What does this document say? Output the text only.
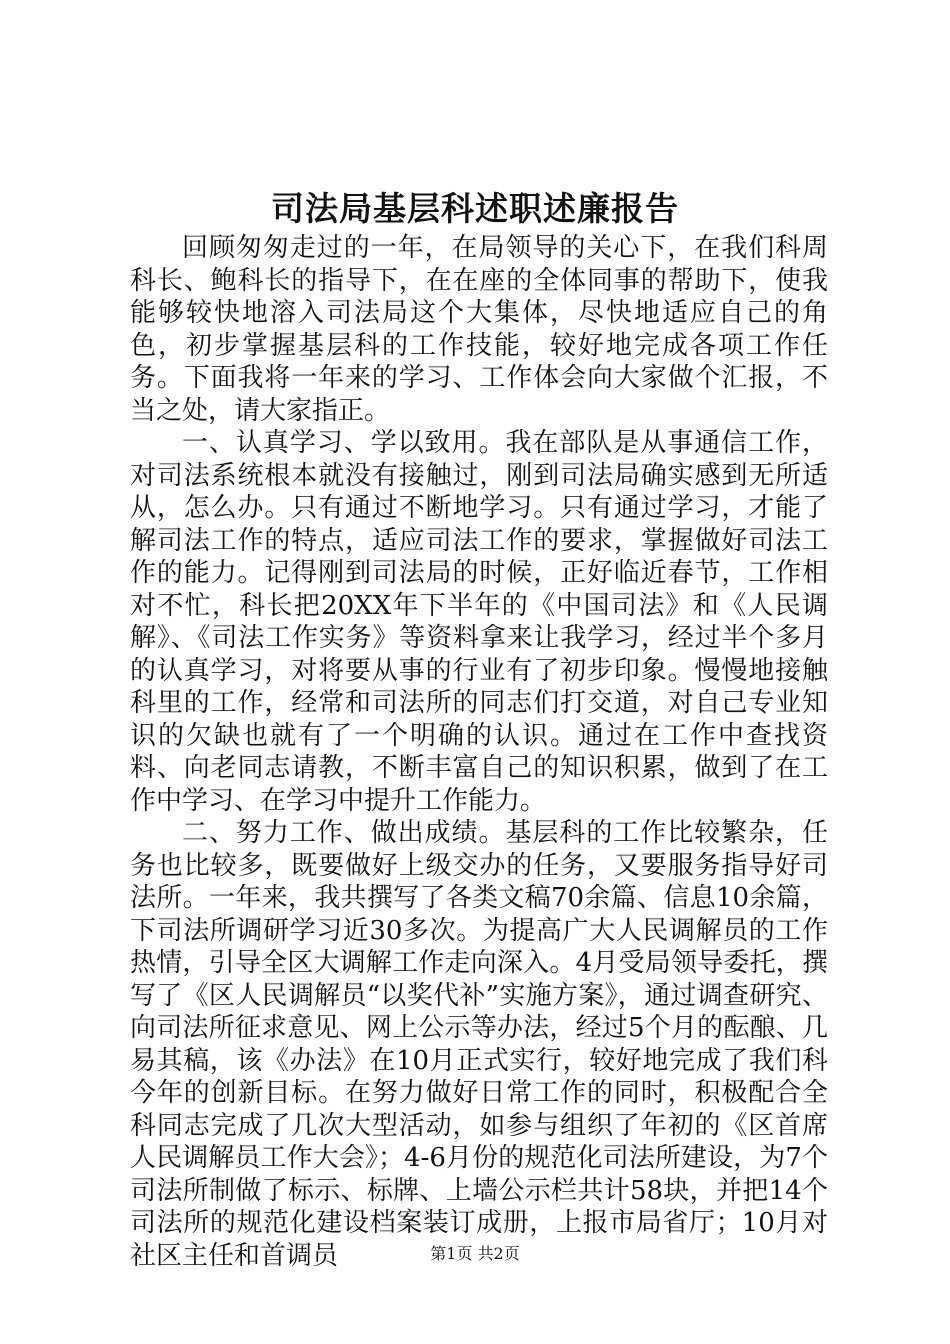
司法局基层科述职述廉报告

回顾匆匆走过的一年，在局领导的关心下，在我们科周科长、鲍科长的指导下，在在座的全体同事的帮助下，使我能够较快地溶入司法局这个大集体，尽快地适应自己的角色，初步掌握基层科的工作技能，较好地完成各项工作任务。下面我将一年来的学习、工作体会向大家做个汇报，不当之处，请大家指正。

一、认真学习、学以致用。我在部队是从事通信工作，对司法系统根本就没有接触过，刚到司法局确实感到无所适从，怎么办。只有通过不断地学习。只有通过学习，才能了解司法工作的特点，适应司法工作的要求，掌握做好司法工作的能力。记得刚到司法局的时候，正好临近春节，工作相对不忙，科长把20XX年下半年的《中国司法》和《人民调解》、《司法工作实务》等资料拿来让我学习，经过半个多月的认真学习，对将要从事的行业有了初步印象。慢慢地接触科里的工作，经常和司法所的同志们打交道，对自己专业知识的欠缺也就有了一个明确的认识。通过在工作中查找资料、向老同志请教，不断丰富自己的知识积累，做到了在工作中学习、在学习中提升工作能力。

二、努力工作、做出成绩。基层科的工作比较繁杂，任务也比较多，既要做好上级交办的任务，又要服务指导好司法所。一年来，我共撰写了各类文稿70余篇、信息10余篇，下司法所调研学习近30多次。为提高广大人民调解员的工作热情，引导全区大调解工作走向深入。4月受局领导委托，撰写了《区人民调解员“以奖代补”实施方案》，通过调查研究、向司法所征求意见、网上公示等办法，经过5个月的酝酿、几易其稿，该《办法》在10月正式实行，较好地完成了我们科今年的创新目标。在努力做好日常工作的同时，积极配合全科同志完成了几次大型活动，如参与组织了年初的《区首席人民调解员工作大会》；4-6月份的规范化司法所建设，为7个司法所制做了标示、标牌、上墙公示栏共计58块，并把14个司法所的规范化建设档案装订成册，上报市局省厅；10月对社区主任和首调员	第1页 共2页
